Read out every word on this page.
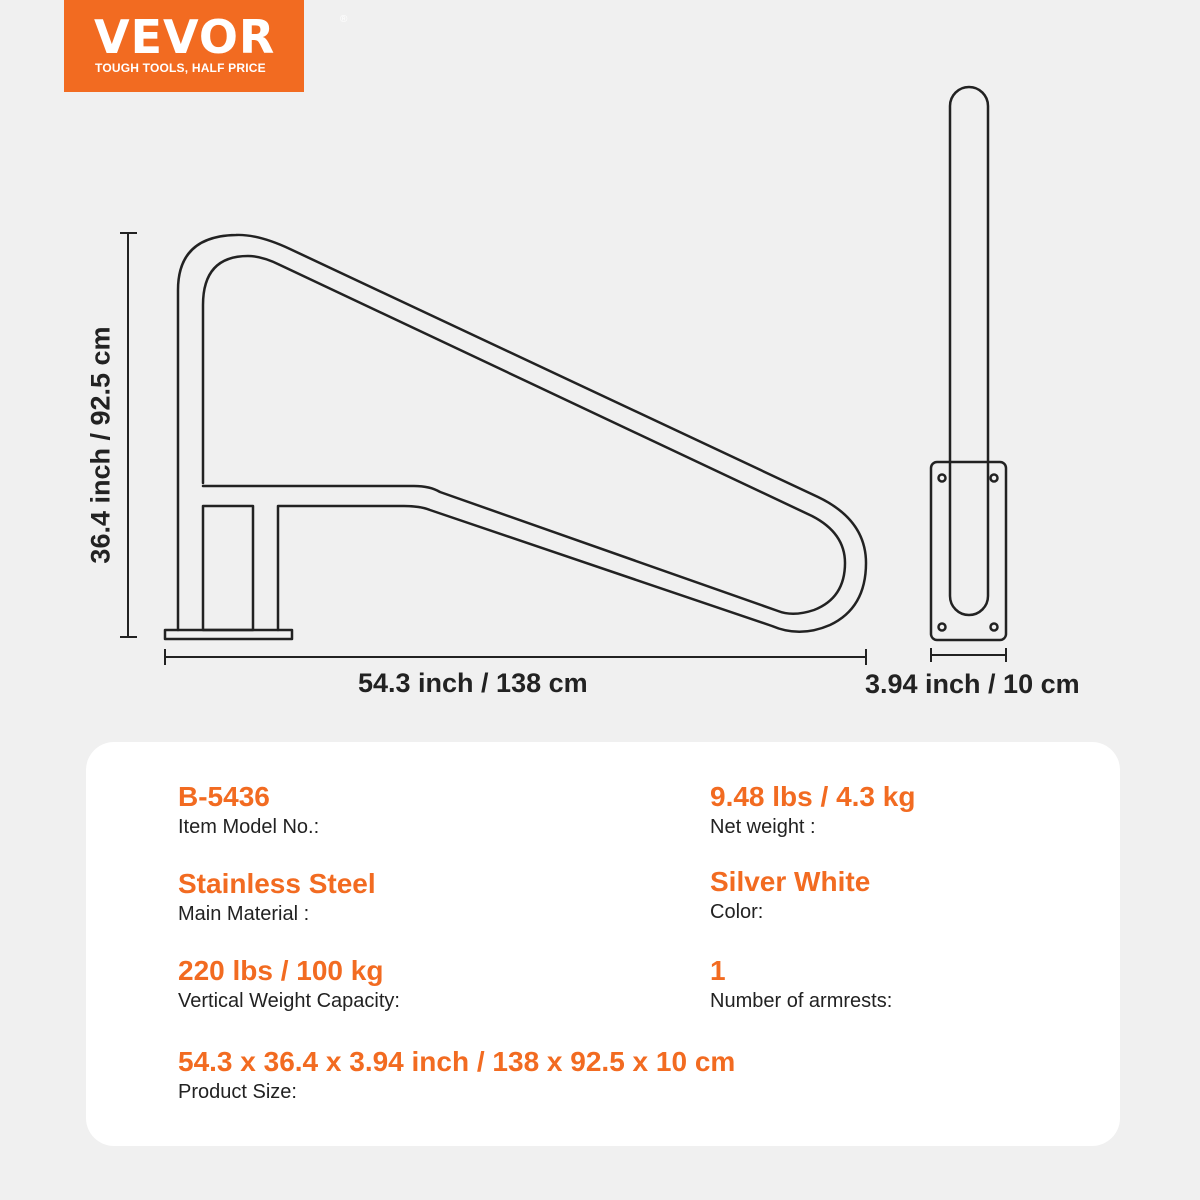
VEVOR	®
TOUGH TOOLS, HALF PRICE
36.4 inch / 92.5 cm
54.3 inch / 138 cm	3.94 inch / 10 cm
B-5436
Item Model No.:
9.48 lbs / 4.3 kg
Net weight :
Stainless Steel
Main Material :
Silver White
Color:
220 lbs / 100 kg
Vertical Weight Capacity:
1
Number of armrests:
54.3 x 36.4 x 3.94 inch / 138 x 92.5 x 10 cm
Product Size:
